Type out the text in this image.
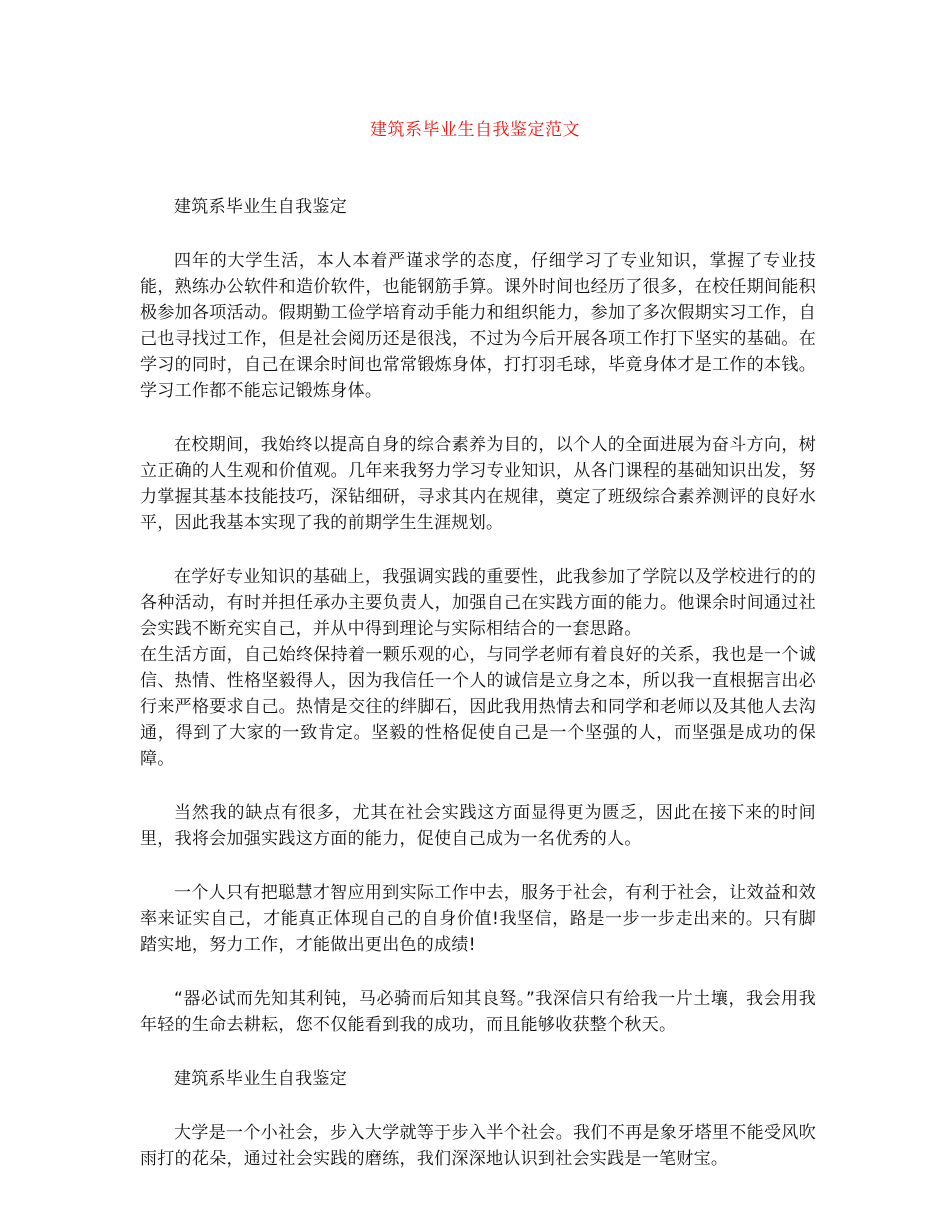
建筑系毕业生自我鉴定范文

建筑系毕业生自我鉴定

四年的大学生活，本人本着严谨求学的态度，仔细学习了专业知识，掌握了专业技能，熟练办公软件和造价软件，也能钢筋手算。课外时间也经历了很多，在校任期间能积极参加各项活动。假期勤工俭学培育动手能力和组织能力，参加了多次假期实习工作，自己也寻找过工作，但是社会阅历还是很浅，不过为今后开展各项工作打下坚实的基础。在学习的同时，自己在课余时间也常常锻炼身体，打打羽毛球，毕竟身体才是工作的本钱。学习工作都不能忘记锻炼身体。

在校期间，我始终以提高自身的综合素养为目的，以个人的全面进展为奋斗方向，树立正确的人生观和价值观。几年来我努力学习专业知识，从各门课程的基础知识出发，努力掌握其基本技能技巧，深钻细研，寻求其内在规律，奠定了班级综合素养测评的良好水平，因此我基本实现了我的前期学生生涯规划。

在学好专业知识的基础上，我强调实践的重要性，此我参加了学院以及学校进行的的各种活动，有时并担任承办主要负责人，加强自己在实践方面的能力。他课余时间通过社会实践不断充实自己，并从中得到理论与实际相结合的一套思路。

在生活方面，自己始终保持着一颗乐观的心，与同学老师有着良好的关系，我也是一个诚信、热情、性格坚毅得人，因为我信任一个人的诚信是立身之本，所以我一直根据言出必行来严格要求自己。热情是交往的绊脚石，因此我用热情去和同学和老师以及其他人去沟通，得到了大家的一致肯定。坚毅的性格促使自己是一个坚强的人，而坚强是成功的保障。

当然我的缺点有很多，尤其在社会实践这方面显得更为匮乏，因此在接下来的时间里，我将会加强实践这方面的能力，促使自己成为一名优秀的人。

一个人只有把聪慧才智应用到实际工作中去，服务于社会，有利于社会，让效益和效率来证实自己，才能真正体现自己的自身价值!我坚信，路是一步一步走出来的。只有脚踏实地，努力工作，才能做出更出色的成绩!

“器必试而先知其利钝，马必骑而后知其良驽。”我深信只有给我一片土壤，我会用我年轻的生命去耕耘，您不仅能看到我的成功，而且能够收获整个秋天。

建筑系毕业生自我鉴定

大学是一个小社会，步入大学就等于步入半个社会。我们不再是象牙塔里不能受风吹雨打的花朵，通过社会实践的磨练，我们深深地认识到社会实践是一笔财宝。
